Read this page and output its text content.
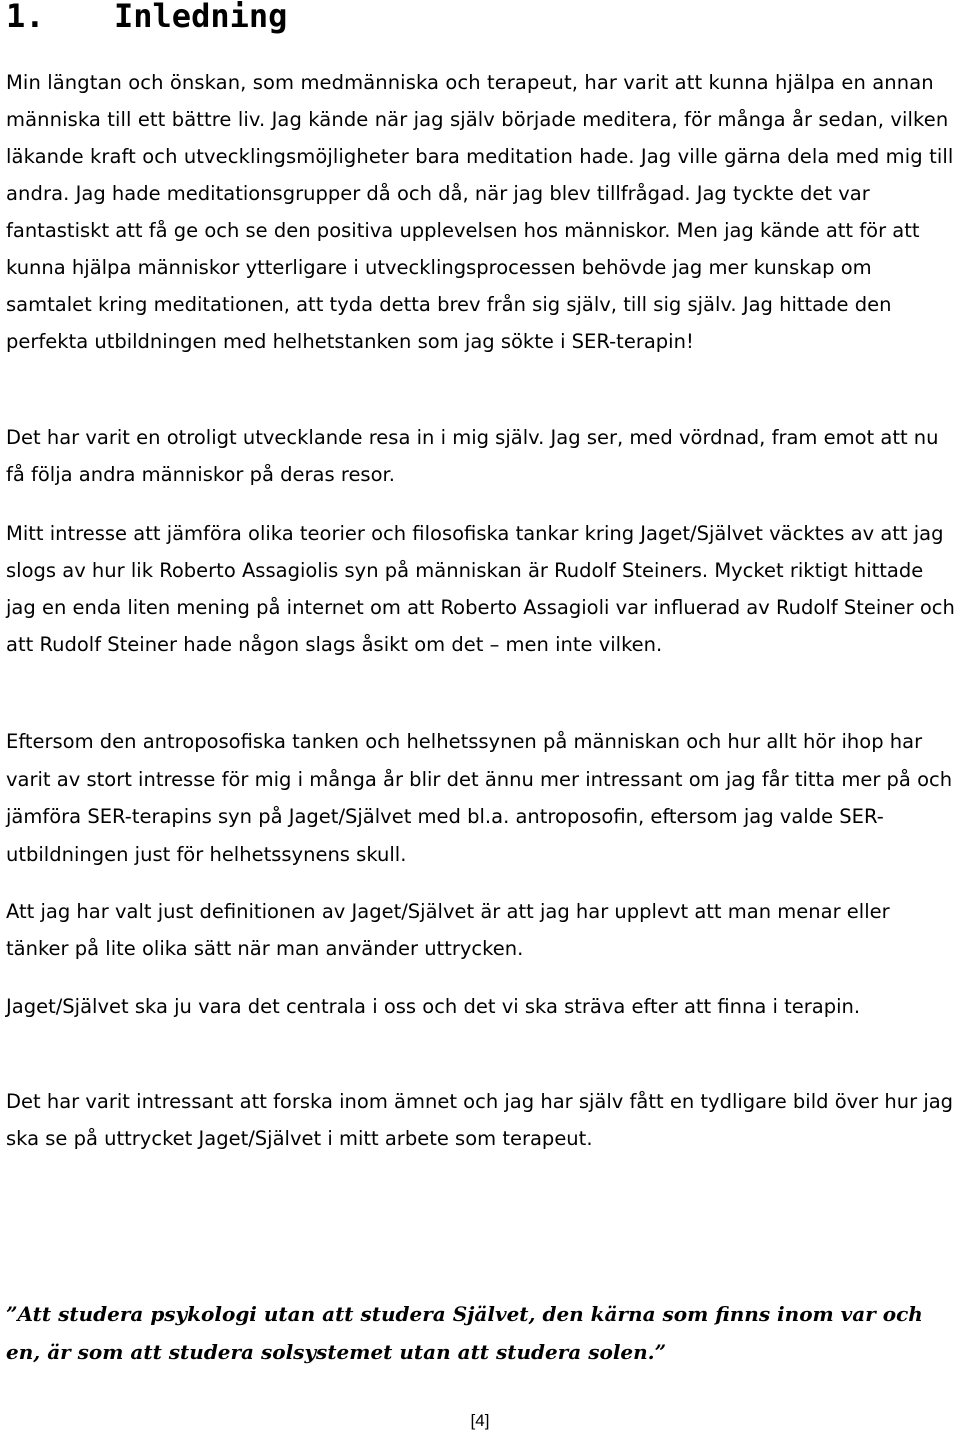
1. Inledning

Min längtan och önskan, som medmänniska och terapeut, har varit att kunna hjälpa en annan människa till ett bättre liv. Jag kände när jag själv började meditera, för många år sedan, vilken läkande kraft och utvecklingsmöjligheter bara meditation hade. Jag ville gärna dela med mig till andra. Jag hade meditationsgrupper då och då, när jag blev tillfrågad. Jag tyckte det var fantastiskt att få ge och se den positiva upplevelsen hos människor. Men jag kände att för att kunna hjälpa människor ytterligare i utvecklingsprocessen behövde jag mer kunskap om samtalet kring meditationen, att tyda detta brev från sig själv, till sig själv. Jag hittade den perfekta utbildningen med helhetstanken som jag sökte i SER-terapin!

Det har varit en otroligt utvecklande resa in i mig själv. Jag ser, med vördnad, fram emot att nu få följa andra människor på deras resor.

Mitt intresse att jämföra olika teorier och filosofiska tankar kring Jaget/Självet väcktes av att jag slogs av hur lik Roberto Assagiolis syn på människan är Rudolf Steiners. Mycket riktigt hittade jag en enda liten mening på internet om att Roberto Assagioli var influerad av Rudolf Steiner och att Rudolf Steiner hade någon slags åsikt om det – men inte vilken.

Eftersom den antroposofiska tanken och helhetssynen på människan och hur allt hör ihop har varit av stort intresse för mig i många år blir det ännu mer intressant om jag får titta mer på och jämföra SER-terapins syn på Jaget/Självet med bl.a. antroposofin, eftersom jag valde SER-utbildningen just för helhetssynens skull.

Att jag har valt just definitionen av Jaget/Självet är att jag har upplevt att man menar eller tänker på lite olika sätt när man använder uttrycken.

Jaget/Självet ska ju vara det centrala i oss och det vi ska sträva efter att finna i terapin.

Det har varit intressant att forska inom ämnet och jag har själv fått en tydligare bild över hur jag ska se på uttrycket Jaget/Självet i mitt arbete som terapeut.

”Att studera psykologi utan att studera Självet, den kärna som finns inom var och en, är som att studera solsystemet utan att studera solen.”

[4]
